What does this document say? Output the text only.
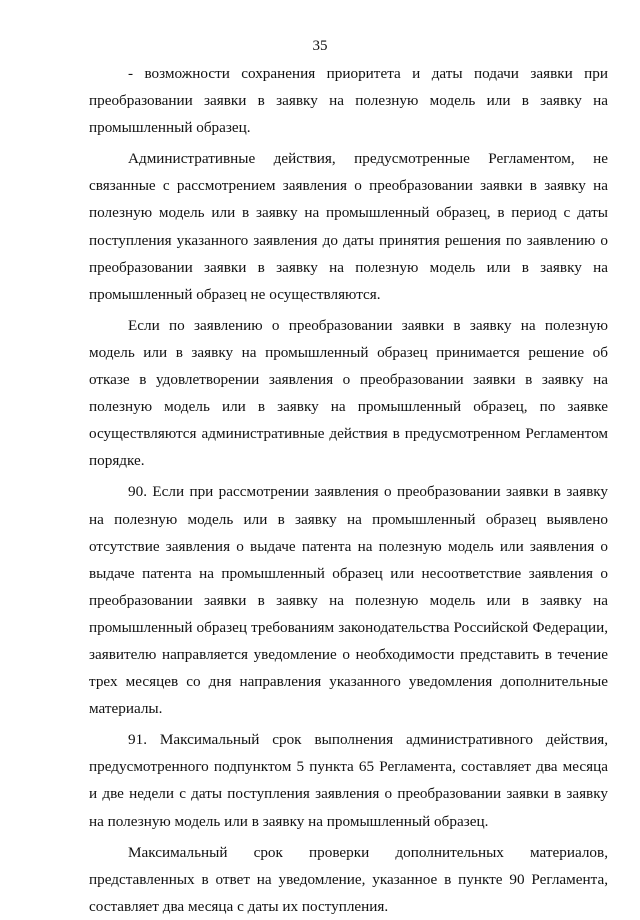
35

- возможности сохранения приоритета и даты подачи заявки при преобразовании заявки в заявку на полезную модель или в заявку на промышленный образец.

Административные действия, предусмотренные Регламентом, не связанные с рассмотрением заявления о преобразовании заявки в заявку на полезную модель или в заявку на промышленный образец, в период с даты поступления указанного заявления до даты принятия решения по заявлению о преобразовании заявки в заявку на полезную модель или в заявку на промышленный образец не осуществляются.

Если по заявлению о преобразовании заявки в заявку на полезную модель или в заявку на промышленный образец принимается решение об отказе в удовлетворении заявления о преобразовании заявки в заявку на полезную модель или в заявку на промышленный образец, по заявке осуществляются административные действия в предусмотренном Регламентом порядке.

90. Если при рассмотрении заявления о преобразовании заявки в заявку на полезную модель или в заявку на промышленный образец выявлено отсутствие заявления о выдаче патента на полезную модель или заявления о выдаче патента на промышленный образец или несоответствие заявления о преобразовании заявки в заявку на полезную модель или в заявку на промышленный образец требованиям законодательства Российской Федерации, заявителю направляется уведомление о необходимости представить в течение трех месяцев со дня направления указанного уведомления дополнительные материалы.

91. Максимальный срок выполнения административного действия, предусмотренного подпунктом 5 пункта 65 Регламента, составляет два месяца и две недели с даты поступления заявления о преобразовании заявки в заявку на полезную модель или в заявку на промышленный образец.

Максимальный срок проверки дополнительных материалов, представленных в ответ на уведомление, указанное в пункте 90 Регламента, составляет два месяца с даты их поступления.
